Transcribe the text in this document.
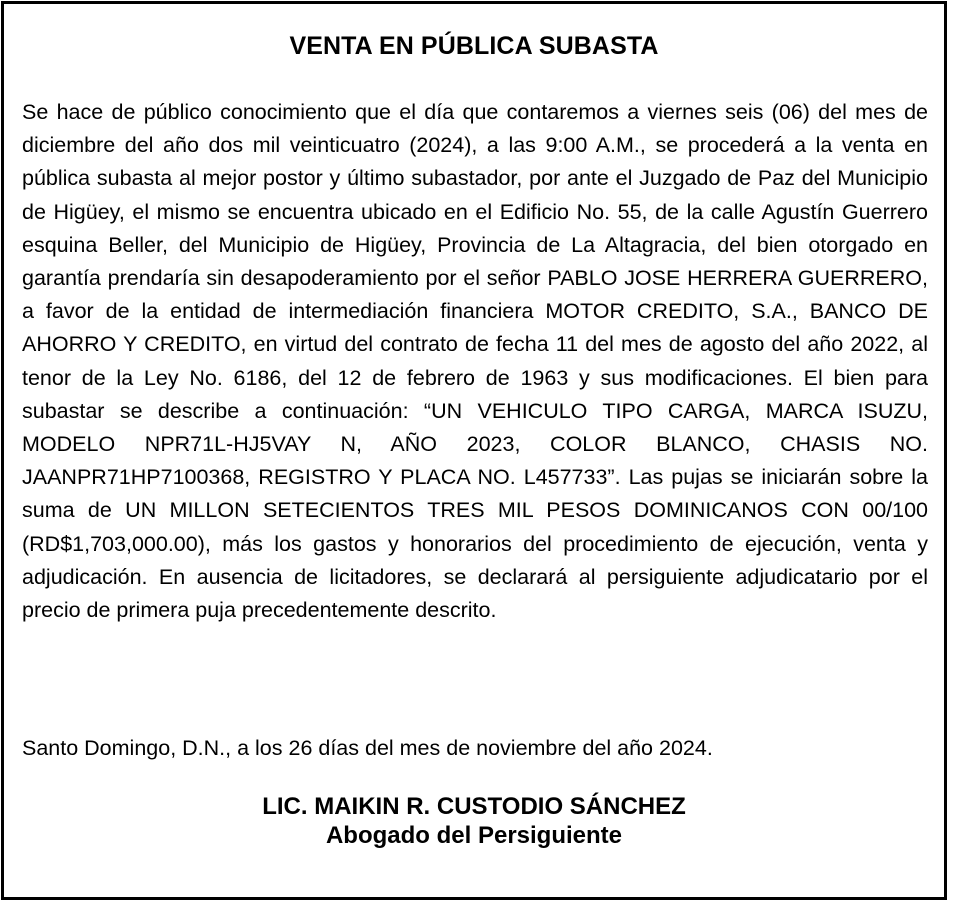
VENTA EN PÚBLICA SUBASTA

Se hace de público conocimiento que el día que contaremos a viernes seis (06) del mes de diciembre del año dos mil veinticuatro (2024), a las 9:00 A.M., se procederá a la venta en pública subasta al mejor postor y último subastador, por ante el Juzgado de Paz del Municipio de Higüey, el mismo se encuentra ubicado en el Edificio No. 55, de la calle Agustín Guerrero esquina Beller, del Municipio de Higüey, Provincia de La Altagracia, del bien otorgado en garantía prendaría sin desapoderamiento por el señor PABLO JOSE HERRERA GUERRERO, a favor de la entidad de intermediación financiera MOTOR CREDITO, S.A., BANCO DE AHORRO Y CREDITO, en virtud del contrato de fecha 11 del mes de agosto del año 2022, al tenor de la Ley No. 6186, del 12 de febrero de 1963 y sus modificaciones. El bien para subastar se describe a continuación: “UN VEHICULO TIPO CARGA, MARCA ISUZU, MODELO NPR71L-HJ5VAY N, AÑO 2023, COLOR BLANCO, CHASIS NO. JAANPR71HP7100368, REGISTRO Y PLACA NO. L457733”. Las pujas se iniciarán sobre la suma de UN MILLON SETECIENTOS TRES MIL PESOS DOMINICANOS CON 00/100 (RD$1,703,000.00), más los gastos y honorarios del procedimiento de ejecución, venta y adjudicación. En ausencia de licitadores, se declarará al persiguiente adjudicatario por el precio de primera puja precedentemente descrito.

Santo Domingo, D.N., a los 26 días del mes de noviembre del año 2024.

LIC. MAIKIN R. CUSTODIO SÁNCHEZ
Abogado del Persiguiente
